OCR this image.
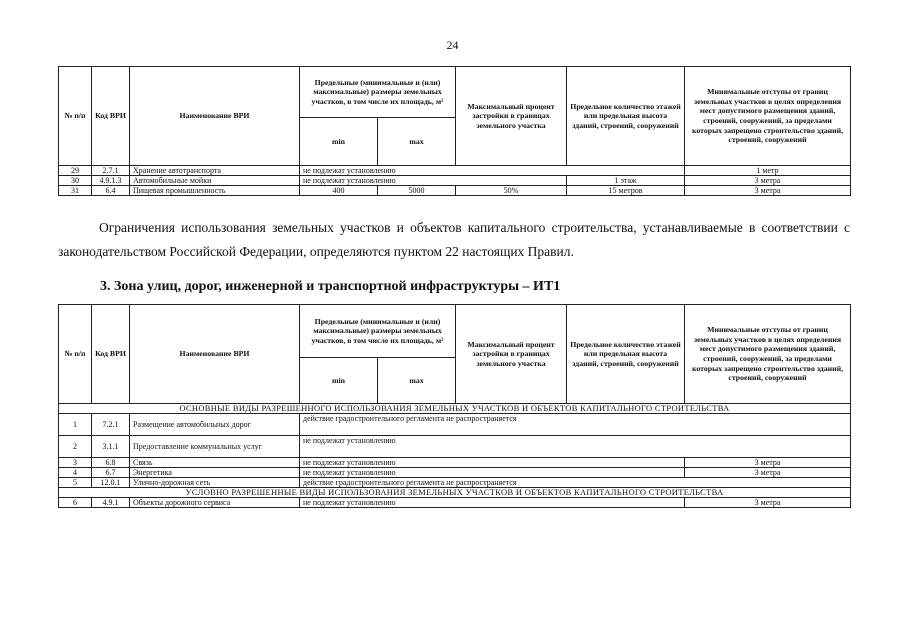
24
№ п/п	Код ВРИ	Наименование ВРИ	Предельные (минимальные и (или) максимальные) размеры земельных участков, в том числе их площадь, м²		Максимальный процент застройки в границах земельного участка	Предельное количество этажей или предельная высота зданий, строений, сооружений	Минимальные отступы от границ земельных участков в целях определения мест допустимого размещения зданий, строений, сооружений, за пределами которых запрещено строительство зданий, строений, сооружений
			min	max			
29	2.7.1	Хранение автотранспорта	не подлежат установлению				1 метр
30	4.9.1.3	Автомобильные мойки	не подлежат установлению			1 этаж	3 метра
31	6.4	Пищевая промышленность	400	5000	50%	15 метров	3 метра
Ограничения использования земельных участков и объектов капитального строительства, устанавливаемые в соответствии с законодательством Российской Федерации, определяются пунктом 22 настоящих Правил.
3. Зона улиц, дорог, инженерной и транспортной инфраструктуры – ИТ1
№ п/п	Код ВРИ	Наименование ВРИ	Предельные (минимальные и (или) максимальные) размеры земельных участков, в том числе их площадь, м²		Максимальный процент застройки в границах земельного участка	Предельное количество этажей или предельная высота зданий, строений, сооружений	Минимальные отступы от границ земельных участков в целях определения мест допустимого размещения зданий, строений, сооружений, за пределами которых запрещено строительство зданий, строений, сооружений
			min	max			
ОСНОВНЫЕ ВИДЫ РАЗРЕШЕННОГО ИСПОЛЬЗОВАНИЯ ЗЕМЕЛЬНЫХ УЧАСТКОВ И ОБЪЕКТОВ КАПИТАЛЬНОГО СТРОИТЕЛЬСТВА							
1	7.2.1	Размещение автомобильных дорог	действие градостроительного регламента не распространяется				
2	3.1.1	Предоставление коммунальных услуг	не подлежат установлению				
3	6.8	Связь	не подлежат установлению				3 метра
4	6.7	Энергетика	не подлежат установлению				3 метра
5	12.0.1	Улично-дорожная сеть	действие градостроительного регламента не распространяется				
УСЛОВНО РАЗРЕШЕННЫЕ ВИДЫ ИСПОЛЬЗОВАНИЯ ЗЕМЕЛЬНЫХ УЧАСТКОВ И ОБЪЕКТОВ КАПИТАЛЬНОГО СТРОИТЕЛЬСТВА							
6	4.9.1	Объекты дорожного сервиса	не подлежат установлению				3 метра
